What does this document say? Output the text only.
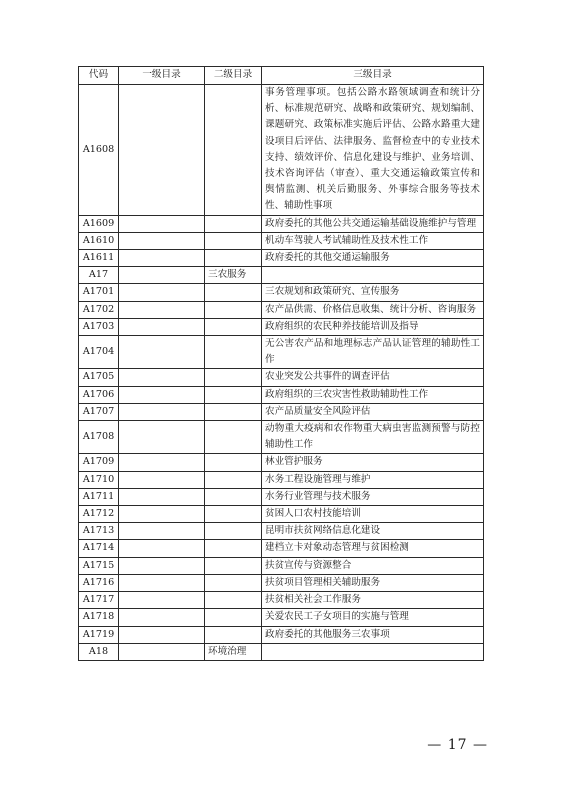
代码	一级目录	二级目录	三级目录
A1608			事务管理事项。包括公路水路领域调查和统计分析、标准规范研究、战略和政策研究、规划编制、课题研究、政策标准实施后评估、公路水路重大建设项目后评估、法律服务、监督检查中的专业技术支持、绩效评价、信息化建设与维护、业务培训、技术咨询评估（审查）、重大交通运输政策宣传和舆情监测、机关后勤服务、外事综合服务等技术性、辅助性事项
A1609			政府委托的其他公共交通运输基础设施维护与管理
A1610			机动车驾驶人考试辅助性及技术性工作
A1611			政府委托的其他交通运输服务
A17		三农服务	
A1701			三农规划和政策研究、宣传服务
A1702			农产品供需、价格信息收集、统计分析、咨询服务
A1703			政府组织的农民种养技能培训及指导
A1704			无公害农产品和地理标志产品认证管理的辅助性工作
A1705			农业突发公共事件的调查评估
A1706			政府组织的三农灾害性救助辅助性工作
A1707			农产品质量安全风险评估
A1708			动物重大疫病和农作物重大病虫害监测预警与防控辅助性工作
A1709			林业管护服务
A1710			水务工程设施管理与维护
A1711			水务行业管理与技术服务
A1712			贫困人口农村技能培训
A1713			昆明市扶贫网络信息化建设
A1714			建档立卡对象动态管理与贫困检测
A1715			扶贫宣传与资源整合
A1716			扶贫项目管理相关辅助服务
A1717			扶贫相关社会工作服务
A1718			关爱农民工子女项目的实施与管理
A1719			政府委托的其他服务三农事项
A18		环境治理	
— 17 —
